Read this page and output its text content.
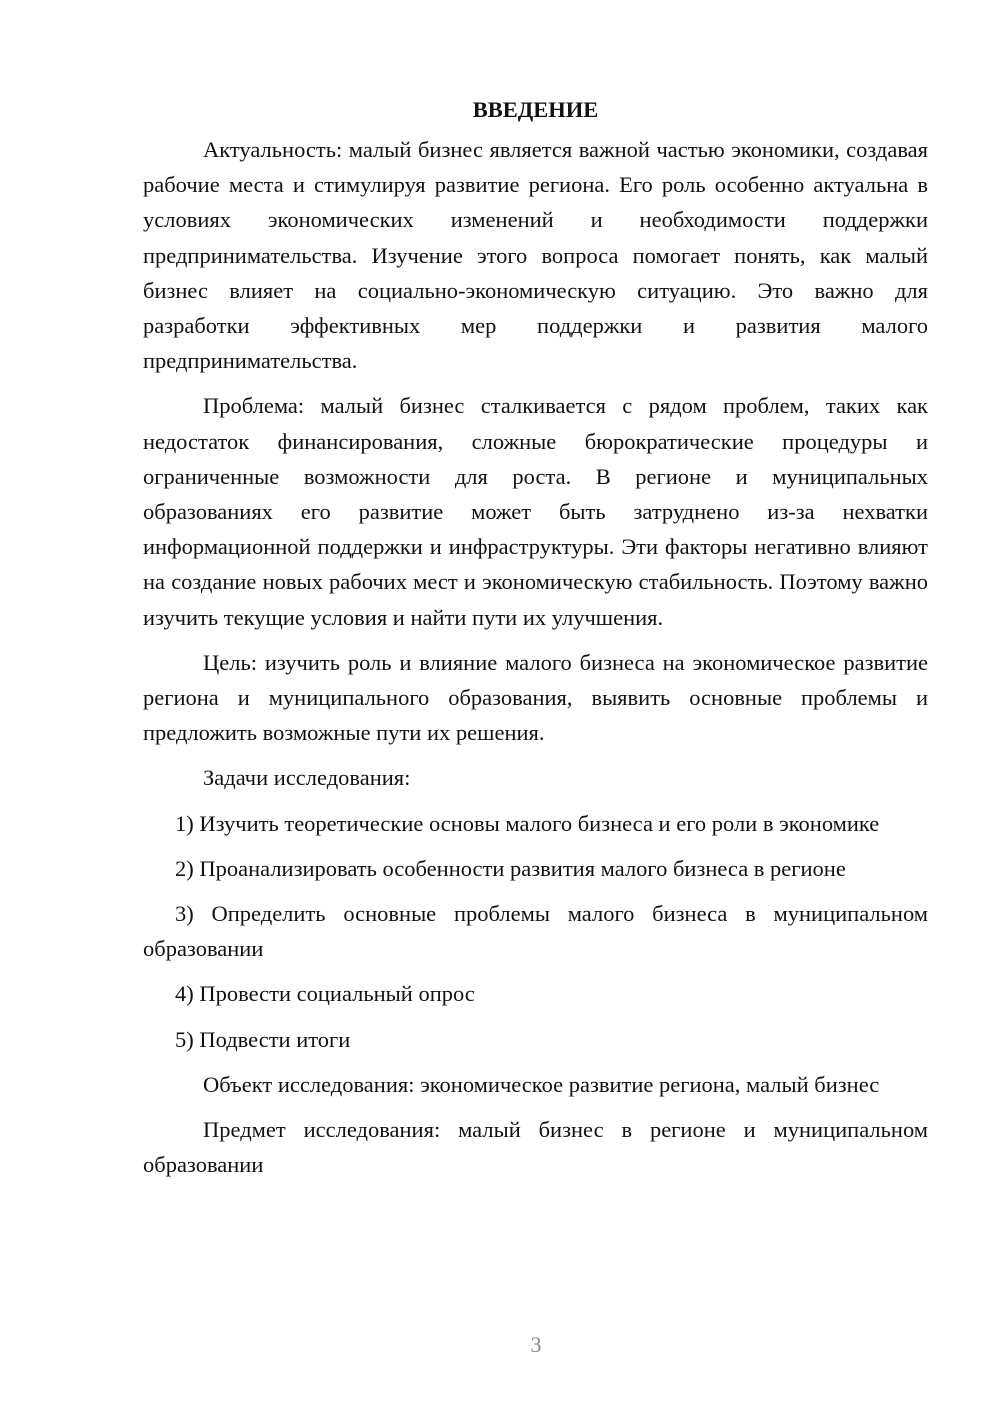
ВВЕДЕНИЕ
Актуальность: малый бизнес является важной частью экономики, создавая рабочие места и стимулируя развитие региона. Его роль особенно актуальна в условиях экономических изменений и необходимости поддержки предпринимательства. Изучение этого вопроса помогает понять, как малый бизнес влияет на социально-экономическую ситуацию. Это важно для разработки эффективных мер поддержки и развития малого предпринимательства.
Проблема: малый бизнес сталкивается с рядом проблем, таких как недостаток финансирования, сложные бюрократические процедуры и ограниченные возможности для роста. В регионе и муниципальных образованиях его развитие может быть затруднено из-за нехватки информационной поддержки и инфраструктуры. Эти факторы негативно влияют на создание новых рабочих мест и экономическую стабильность. Поэтому важно изучить текущие условия и найти пути их улучшения.
Цель: изучить роль и влияние малого бизнеса на экономическое развитие региона и муниципального образования, выявить основные проблемы и предложить возможные пути их решения.
Задачи исследования:
1) Изучить теоретические основы малого бизнеса и его роли в экономике
2) Проанализировать особенности развития малого бизнеса в регионе
3) Определить основные проблемы малого бизнеса в муниципальном образовании
4) Провести социальный опрос
5) Подвести итоги
Объект исследования: экономическое развитие региона, малый бизнес
Предмет исследования: малый бизнес в регионе и муниципальном образовании
3
